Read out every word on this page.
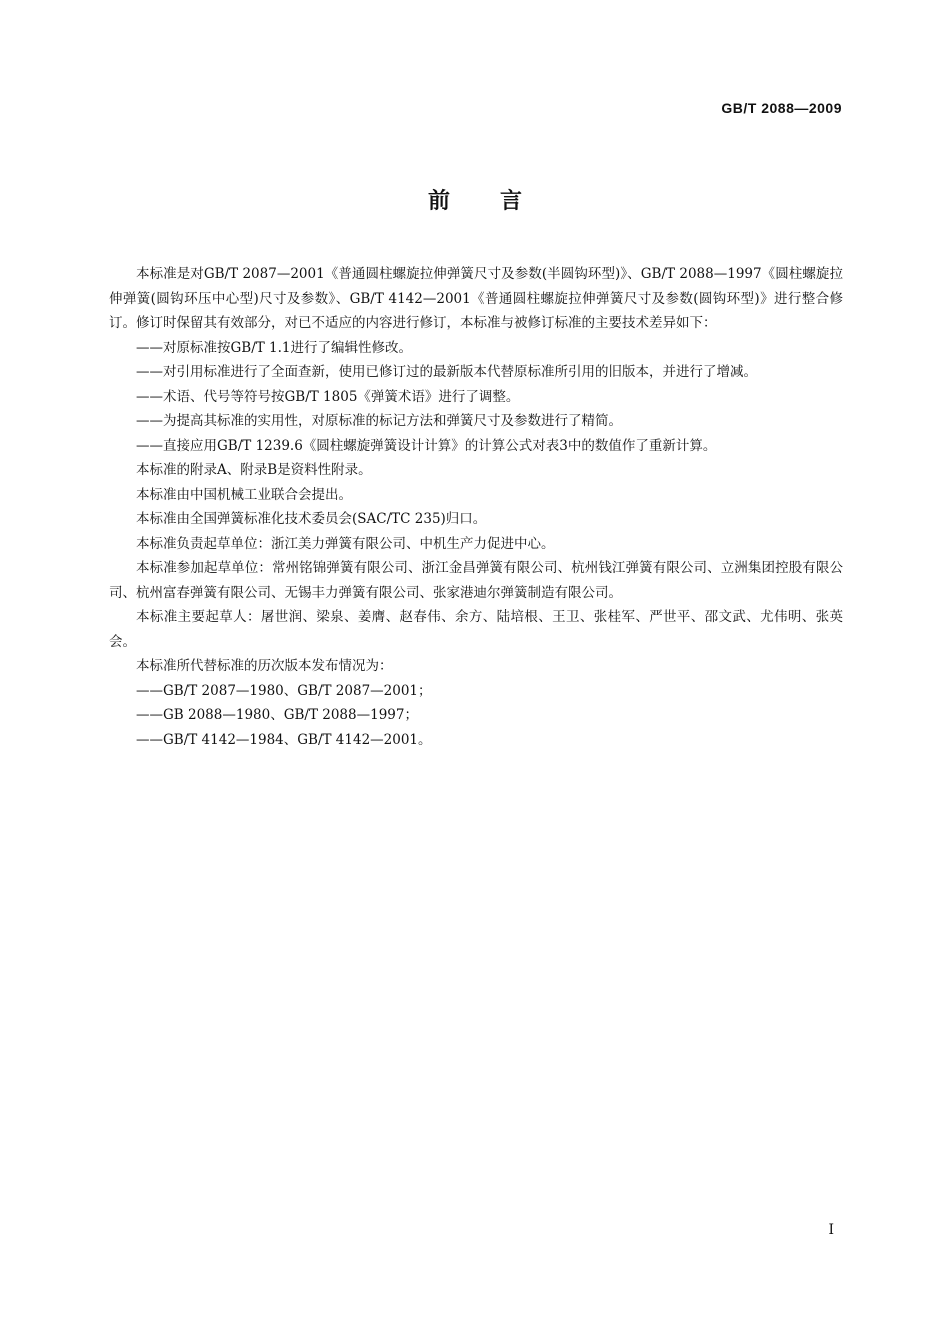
GB/T 2088—2009
前言

本标准是对GB/T 2087—2001《普通圆柱螺旋拉伸弹簧尺寸及参数(半圆钩环型)》、GB/T 2088—1997《圆柱螺旋拉伸弹簧(圆钩环压中心型)尺寸及参数》、GB/T 4142—2001《普通圆柱螺旋拉伸弹簧尺寸及参数(圆钩环型)》进行整合修订。修订时保留其有效部分，对已不适应的内容进行修订，本标准与被修订标准的主要技术差异如下：

——对原标准按GB/T 1.1进行了编辑性修改。

——对引用标准进行了全面查新，使用已修订过的最新版本代替原标准所引用的旧版本，并进行了增减。

——术语、代号等符号按GB/T 1805《弹簧术语》进行了调整。

——为提高其标准的实用性，对原标准的标记方法和弹簧尺寸及参数进行了精简。

——直接应用GB/T 1239.6《圆柱螺旋弹簧设计计算》的计算公式对表3中的数值作了重新计算。

本标准的附录A、附录B是资料性附录。

本标准由中国机械工业联合会提出。

本标准由全国弹簧标准化技术委员会(SAC/TC 235)归口。

本标准负责起草单位：浙江美力弹簧有限公司、中机生产力促进中心。

本标准参加起草单位：常州铭锦弹簧有限公司、浙江金昌弹簧有限公司、杭州钱江弹簧有限公司、立洲集团控股有限公司、杭州富春弹簧有限公司、无锡丰力弹簧有限公司、张家港迪尔弹簧制造有限公司。

本标准主要起草人：屠世润、梁泉、姜膺、赵春伟、余方、陆培根、王卫、张桂军、严世平、邵文武、尤伟明、张英会。

本标准所代替标准的历次版本发布情况为：

——GB/T 2087—1980、GB/T 2087—2001；

——GB 2088—1980、GB/T 2088—1997；

——GB/T 4142—1984、GB/T 4142—2001。

I
